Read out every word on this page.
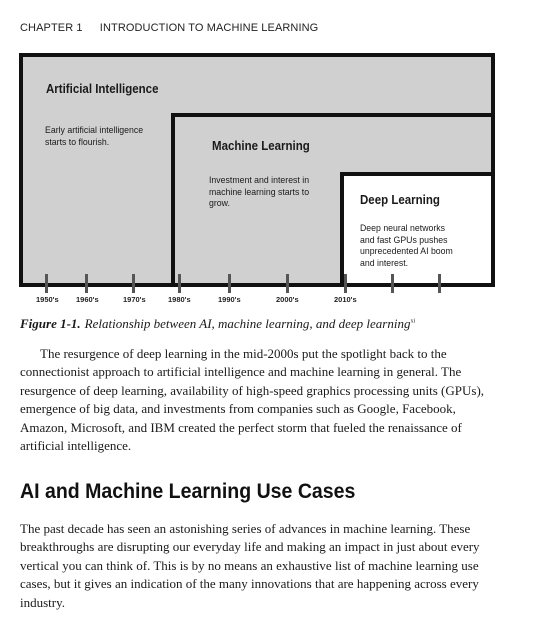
CHAPTER 1 INTRODUCTION TO MACHINE LEARNING
Artificial Intelligence
Early artificial intelligence
starts to flourish.	Machine Learning
Investment and interest in
machine learning starts to
grow.	Deep Learning
Deep neural networks
and fast GPUs pushes
unprecedented AI boom
and interest.
1950's 1960's	1970's	1980's	1990's	2000's	2010's
Figure 1-1. Relationship between AI, machine learning, and deep learning$^{xi}$

The resurgence of deep learning in the mid-2000s put the spotlight back to the connectionist approach to artificial intelligence and machine learning in general. The resurgence of deep learning, availability of high-speed graphics processing units (GPUs), emergence of big data, and investments from companies such as Google, Facebook, Amazon, Microsoft, and IBM created the perfect storm that fueled the renaissance of artificial intelligence.

AI and Machine Learning Use Cases

The past decade has seen an astonishing series of advances in machine learning. These breakthroughs are disrupting our everyday life and making an impact in just about every vertical you can think of. This is by no means an exhaustive list of machine learning use cases, but it gives an indication of the many innovations that are happening across every industry.
